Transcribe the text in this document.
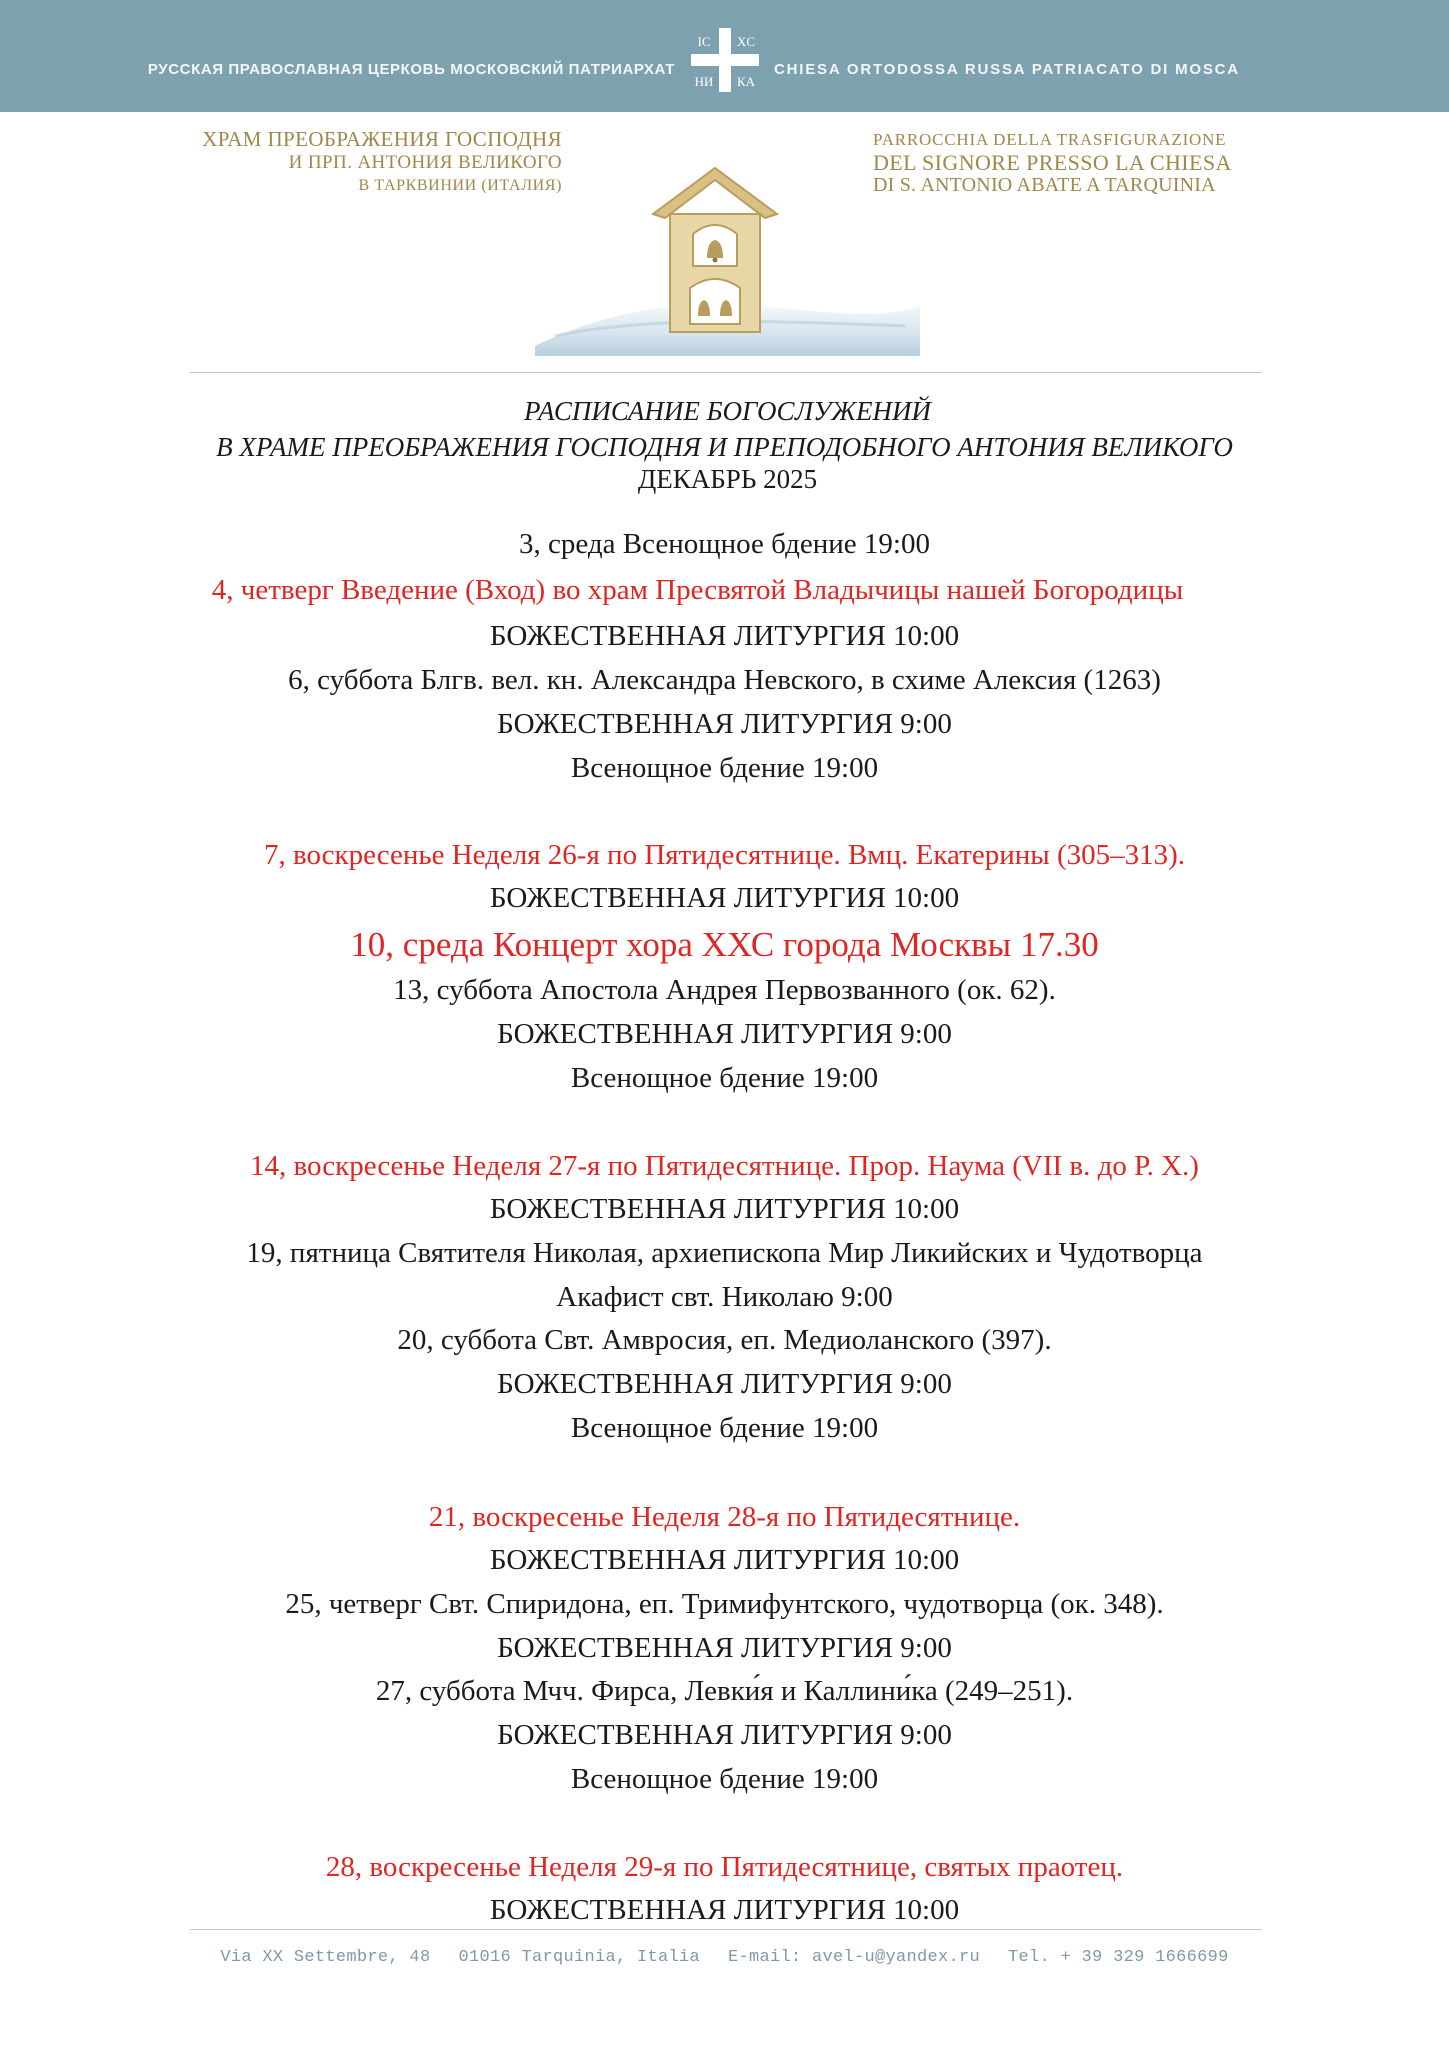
РУССКАЯ ПРАВОСЛАВНАЯ ЦЕРКОВЬ МОСКОВСКИЙ ПАТРИАРХАТ
IC XC
НИ КА
CHIESA ORTODOSSA RUSSA PATRIACATO DI MOSCA
ХРАМ ПРЕОБРАЖЕНИЯ ГОСПОДНЯ
И ПРП. АНТОНИЯ ВЕЛИКОГО
В ТАРКВИНИИ (ИТАЛИЯ)
PARROCCHIA DELLA TRASFIGURAZIONE
DEL SIGNORE PRESSO LA CHIESA
DI S. ANTONIO ABATE A TARQUINIA
РАСПИСАНИЕ БОГОСЛУЖЕНИЙ
В ХРАМЕ ПРЕОБРАЖЕНИЯ ГОСПОДНЯ И ПРЕПОДОБНОГО АНТОНИЯ ВЕЛИКОГО
ДЕКАБРЬ 2025
3, среда Всенощное бдение 19:00
4, четверг Введение (Вход) во храм Пресвятой Владычицы нашей Богородицы
БОЖЕСТВЕННАЯ ЛИТУРГИЯ 10:00
6, суббота Блгв. вел. кн. Александра Невского, в схиме Алексия (1263)
БОЖЕСТВЕННАЯ ЛИТУРГИЯ 9:00
Всенощное бдение 19:00
7, воскресенье Неделя 26-я по Пятидесятнице. Вмц. Екатерины (305–313).
БОЖЕСТВЕННАЯ ЛИТУРГИЯ 10:00
10, среда Концерт хора ХХС города Москвы 17.30
13, суббота Апостола Андрея Первозванного (ок. 62).
БОЖЕСТВЕННАЯ ЛИТУРГИЯ 9:00
Всенощное бдение 19:00
14, воскресенье Неделя 27-я по Пятидесятнице. Прор. Наума (VII в. до Р. Х.)
БОЖЕСТВЕННАЯ ЛИТУРГИЯ 10:00
19, пятница Святителя Николая, архиепископа Мир Ликийских и Чудотворца
Акафист свт. Николаю 9:00
20, суббота Свт. Амвросия, еп. Медиоланского (397).
БОЖЕСТВЕННАЯ ЛИТУРГИЯ 9:00
Всенощное бдение 19:00
21, воскресенье Неделя 28-я по Пятидесятнице.
БОЖЕСТВЕННАЯ ЛИТУРГИЯ 10:00
25, четверг Свт. Спиридона, еп. Тримифунтского, чудотворца (ок. 348).
БОЖЕСТВЕННАЯ ЛИТУРГИЯ 9:00
27, суббота Мчч. Фирса, Левки́я и Каллини́ка (249–251).
БОЖЕСТВЕННАЯ ЛИТУРГИЯ 9:00
Всенощное бдение 19:00
28, воскресенье Неделя 29-я по Пятидесятнице, святых праотец.
БОЖЕСТВЕННАЯ ЛИТУРГИЯ 10:00
Via XX Settembre, 48 01016 Tarquinia, Italia E-mail: avel-u@yandex.ru Tel. + 39 329 1666699
